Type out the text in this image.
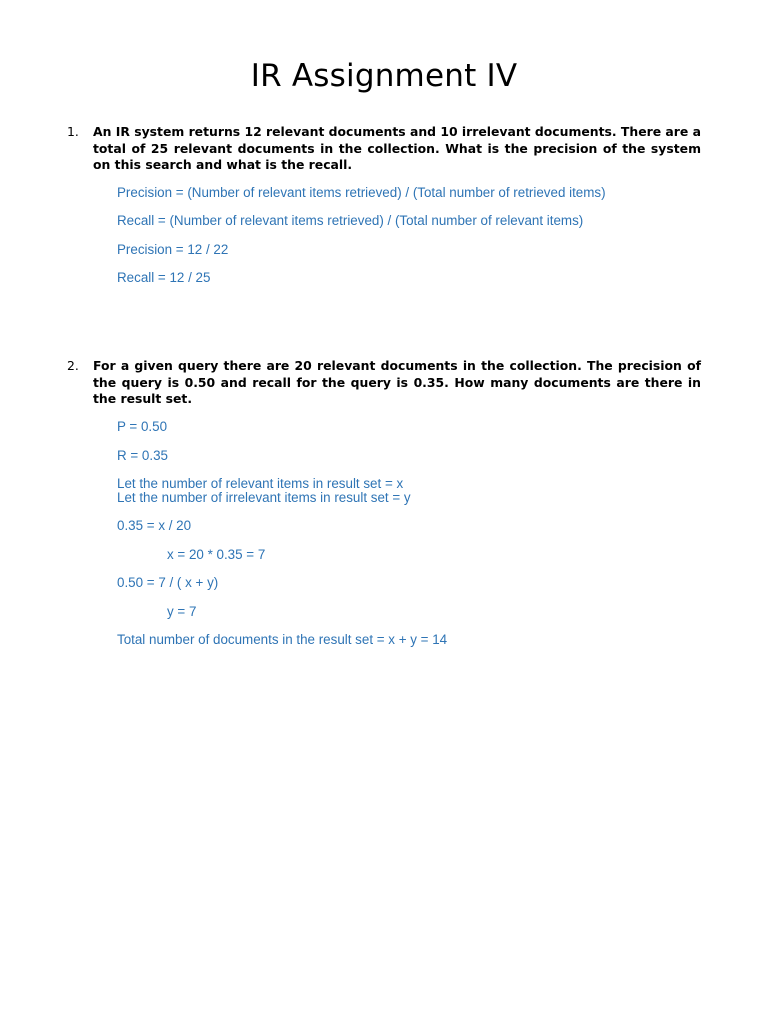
IR Assignment IV
1.	An IR system returns 12 relevant documents and 10 irrelevant documents. There are a total of 25 relevant documents in the collection. What is the precision of the system on this search and what is the recall.

Precision = (Number of relevant items retrieved) / (Total number of retrieved items)

Recall = (Number of relevant items retrieved) / (Total number of relevant items)

Precision = 12 / 22

Recall = 12 / 25

2.	For a given query there are 20 relevant documents in the collection. The precision of the query is 0.50 and recall for the query is 0.35. How many documents are there in the result set.

P = 0.50

R = 0.35

Let the number of relevant items in result set = x

Let the number of irrelevant items in result set = y

0.35 = x / 20

x = 20 * 0.35 = 7

0.50 = 7 / ( x + y)

y = 7

Total number of documents in the result set = x + y = 14
